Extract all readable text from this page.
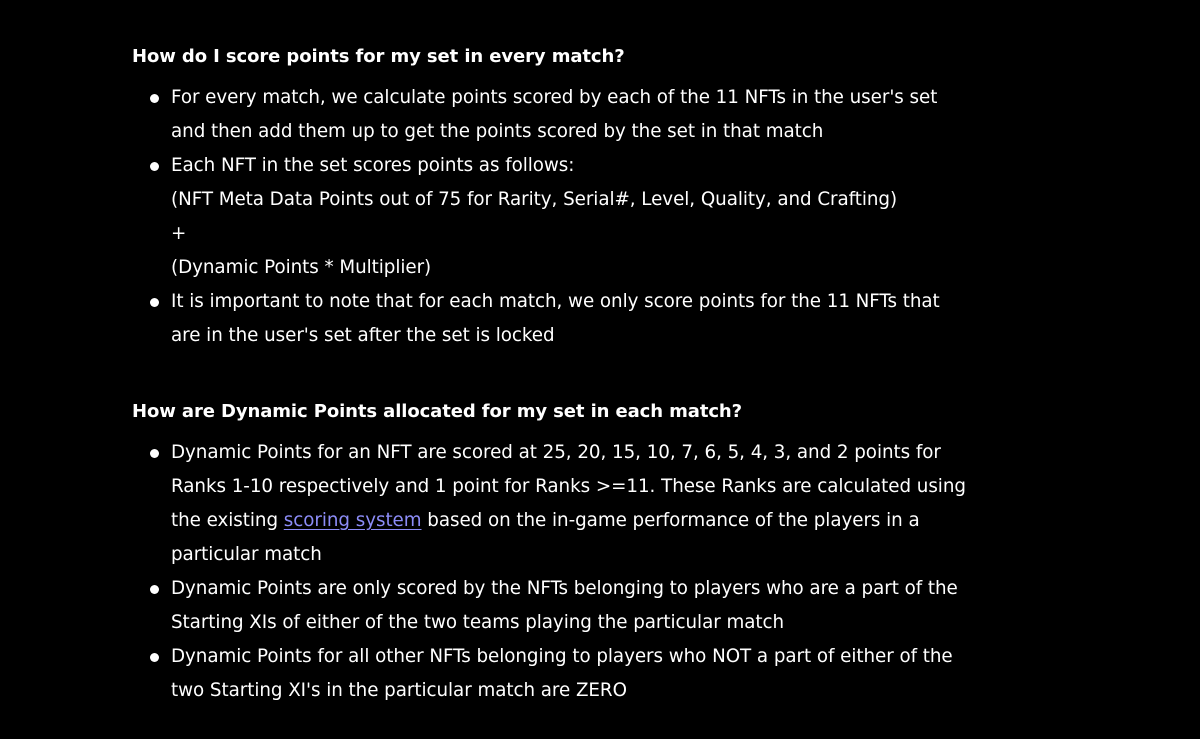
How do I score points for my set in every match?
For every match, we calculate points scored by each of the 11 NFTs in the user's set
and then add them up to get the points scored by the set in that match
Each NFT in the set scores points as follows:
(NFT Meta Data Points out of 75 for Rarity, Serial#, Level, Quality, and Crafting)
+
(Dynamic Points * Multiplier)
It is important to note that for each match, we only score points for the 11 NFTs that
are in the user's set after the set is locked
How are Dynamic Points allocated for my set in each match?
Dynamic Points for an NFT are scored at 25, 20, 15, 10, 7, 6, 5, 4, 3, and 2 points for
Ranks 1-10 respectively and 1 point for Ranks >=11. These Ranks are calculated using
the existing scoring system based on the in-game performance of the players in a
particular match
Dynamic Points are only scored by the NFTs belonging to players who are a part of the
Starting XIs of either of the two teams playing the particular match
Dynamic Points for all other NFTs belonging to players who NOT a part of either of the
two Starting XI's in the particular match are ZERO
